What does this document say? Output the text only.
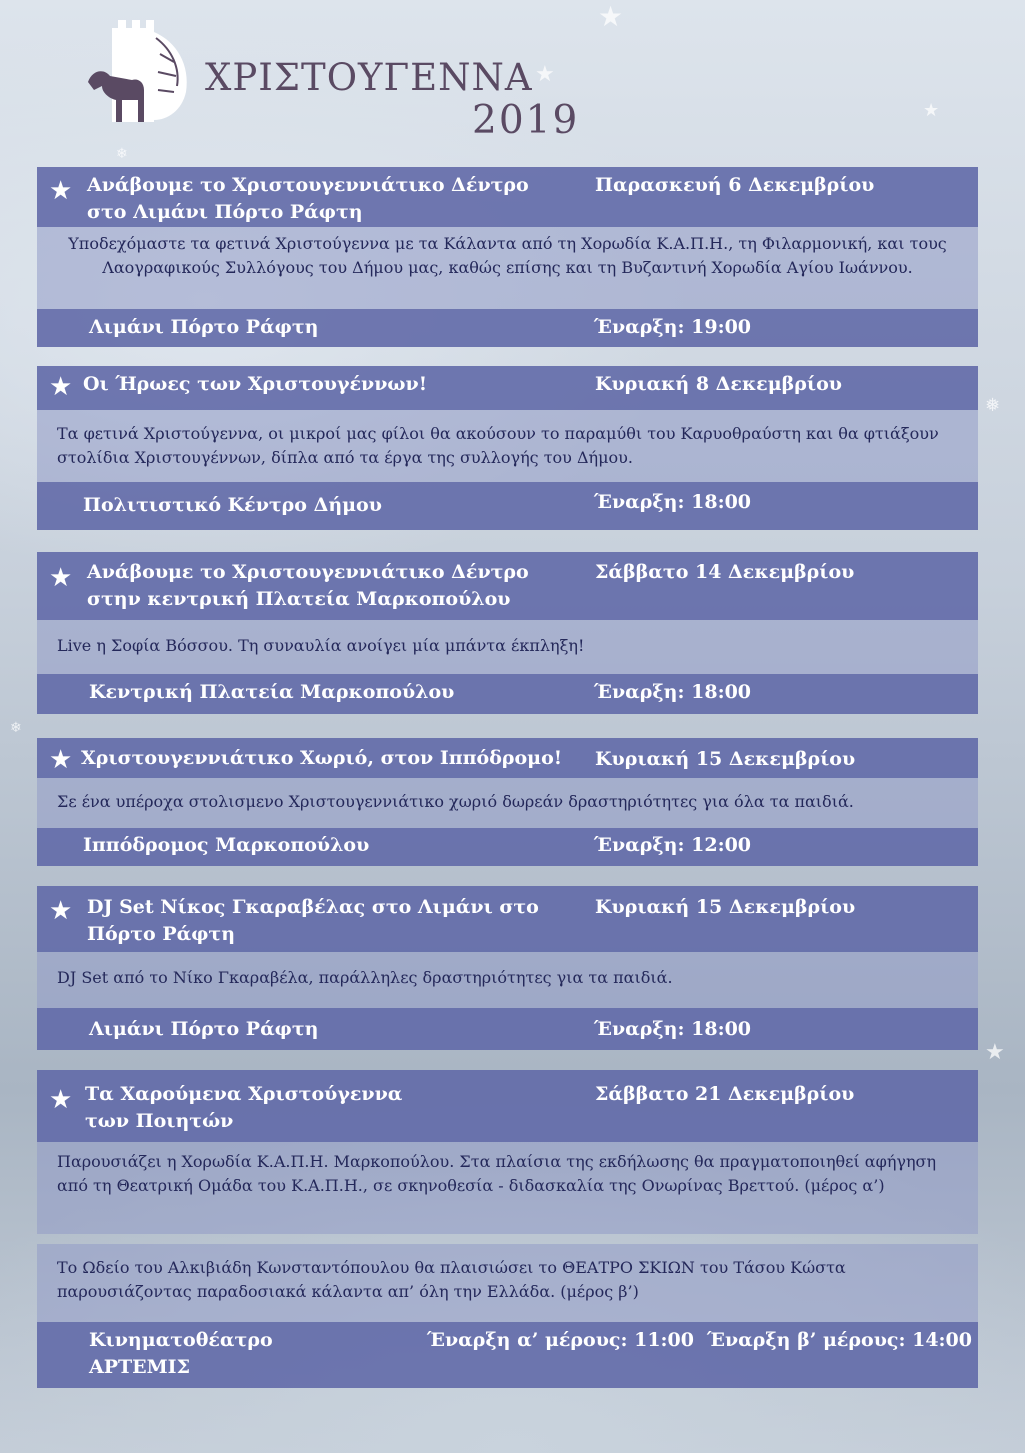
★
★
★
❄
❅
★
❄
ΧΡΙΣΤΟΥΓΕΝΝΑ
2019
★ Ανάβουμε το Χριστουγεννιάτικο Δέντρο
στο Λιμάνι Πόρτο Ράφτη
Παρασκευή 6 Δεκεμβρίου
Υποδεχόμαστε τα φετινά Χριστούγεννα με τα Κάλαντα από τη Χορωδία Κ.Α.Π.Η., τη Φιλαρμονική, και τους Λαογραφικούς Συλλόγους του Δήμου μας, καθώς επίσης και τη Βυζαντινή Χορωδία Αγίου Ιωάννου.
Λιμάνι Πόρτο Ράφτη	Έναρξη: 19:00
★ Οι Ήρωες των Χριστουγέννων!	Κυριακή 8 Δεκεμβρίου
Τα φετινά Χριστούγεννα, οι μικροί μας φίλοι θα ακούσουν το παραμύθι του Καρυοθραύστη και θα φτιάξουν στολίδια Χριστουγέννων, δίπλα από τα έργα της συλλογής του Δήμου.
Πολιτιστικό Κέντρο Δήμου	Έναρξη: 18:00
★ Ανάβουμε το Χριστουγεννιάτικο Δέντρο
στην κεντρική Πλατεία Μαρκοπούλου
Σάββατο 14 Δεκεμβρίου
Live η Σοφία Βόσσου. Τη συναυλία ανοίγει μία μπάντα έκπληξη!
Κεντρική Πλατεία Μαρκοπούλου	Έναρξη: 18:00
★ Χριστουγεννιάτικο Χωριό, στον Ιππόδρομο! Κυριακή 15 Δεκεμβρίου
Σε ένα υπέροχα στολισμενο Χριστουγεννιάτικο χωριό δωρεάν δραστηριότητες για όλα τα παιδιά.
Ιππόδρομος Μαρκοπούλου	Έναρξη: 12:00
★ DJ Set Νίκος Γκαραβέλας στο Λιμάνι στο
Πόρτο Ράφτη
Κυριακή 15 Δεκεμβρίου
DJ Set από το Νίκο Γκαραβέλα, παράλληλες δραστηριότητες για τα παιδιά.
Λιμάνι Πόρτο Ράφτη	Έναρξη: 18:00
★ Τα Χαρούμενα Χριστούγεννα
των Ποιητών
Σάββατο 21 Δεκεμβρίου
Παρουσιάζει η Χορωδία Κ.Α.Π.Η. Μαρκοπούλου. Στα πλαίσια της εκδήλωσης θα πραγματοποιηθεί αφήγηση από τη Θεατρική Ομάδα του Κ.Α.Π.Η., σε σκηνοθεσία - διδασκαλία της Ονωρίνας Βρεττού. (μέρος α’)
Το Ωδείο του Αλκιβιάδη Κωνσταντόπουλου θα πλαισιώσει το ΘΕΑΤΡΟ ΣΚΙΩΝ του Τάσου Κώστα παρουσιάζοντας παραδοσιακά κάλαντα απ’ όλη την Ελλάδα. (μέρος β’)
Κινηματοθέατρο
ΑΡΤΕΜΙΣ
Έναρξη α’ μέρους: 11:00 Έναρξη β’ μέρους: 14:00
